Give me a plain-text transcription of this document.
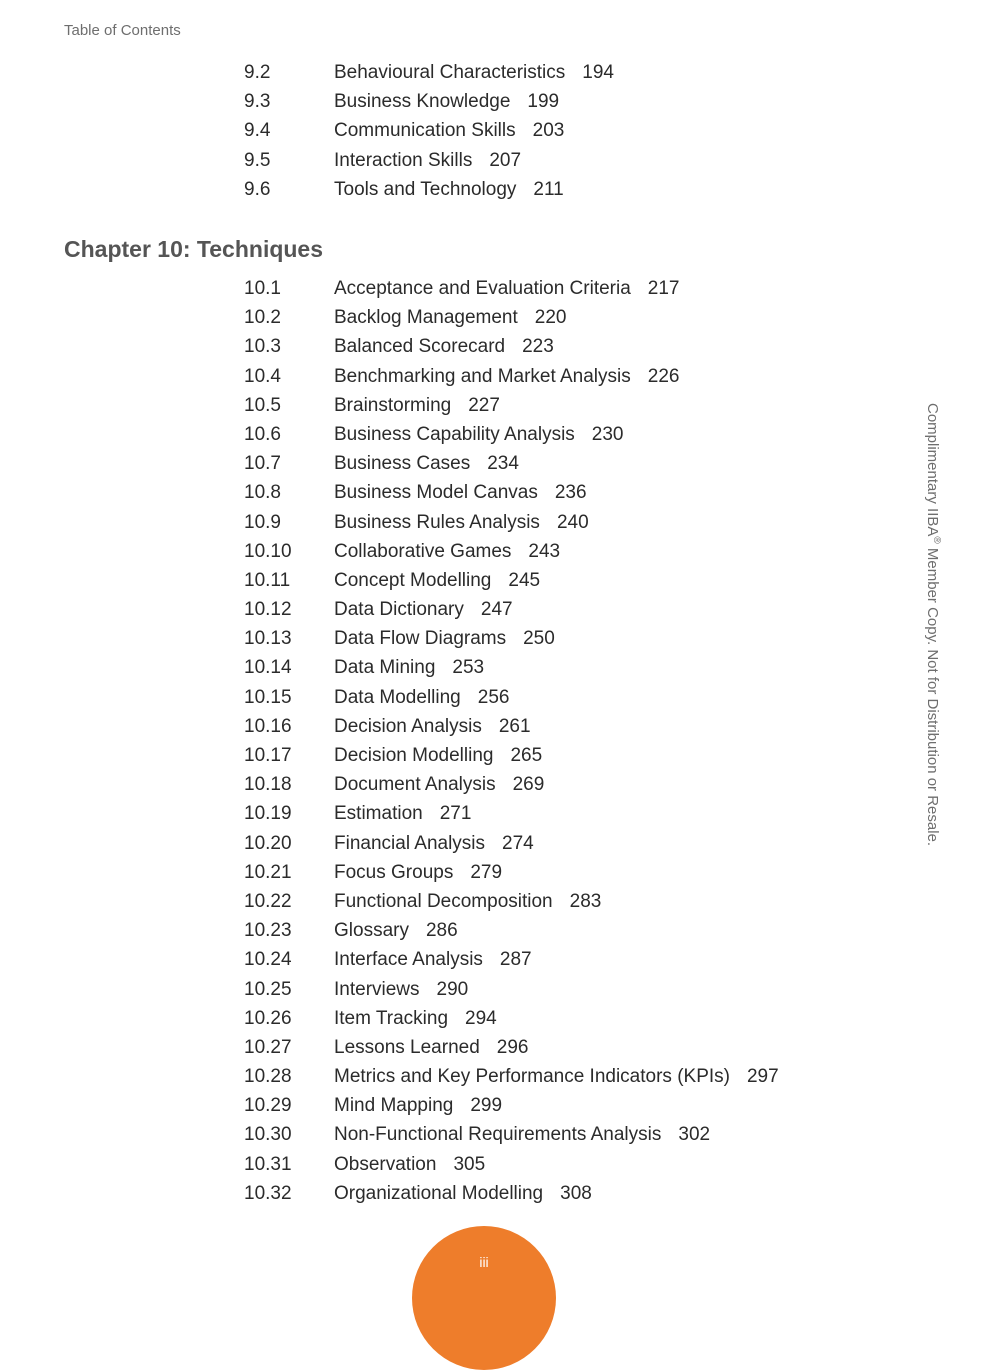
Table of Contents
9.2	Behavioural Characteristics 194
9.3	Business Knowledge 199
9.4	Communication Skills 203
9.5	Interaction Skills 207
9.6	Tools and Technology 211
Chapter 10: Techniques
10.1	Acceptance and Evaluation Criteria 217
10.2	Backlog Management 220
10.3	Balanced Scorecard 223
10.4	Benchmarking and Market Analysis 226
10.5	Brainstorming 227
10.6	Business Capability Analysis 230
10.7	Business Cases 234
10.8	Business Model Canvas 236
10.9	Business Rules Analysis 240
10.10	Collaborative Games 243
10.11	Concept Modelling 245
10.12	Data Dictionary 247
10.13	Data Flow Diagrams 250
10.14	Data Mining 253
10.15	Data Modelling 256
10.16	Decision Analysis 261
10.17	Decision Modelling 265
10.18	Document Analysis 269
10.19	Estimation 271
10.20	Financial Analysis 274
10.21	Focus Groups 279
10.22	Functional Decomposition 283
10.23	Glossary 286
10.24	Interface Analysis 287
10.25	Interviews 290
10.26	Item Tracking 294
10.27	Lessons Learned 296
10.28	Metrics and Key Performance Indicators (KPIs) 297
10.29	Mind Mapping 299
10.30	Non-Functional Requirements Analysis 302
10.31	Observation 305
10.32	Organizational Modelling 308
Complimentary IIBA® Member Copy. Not for Distribution or Resale.
iii
